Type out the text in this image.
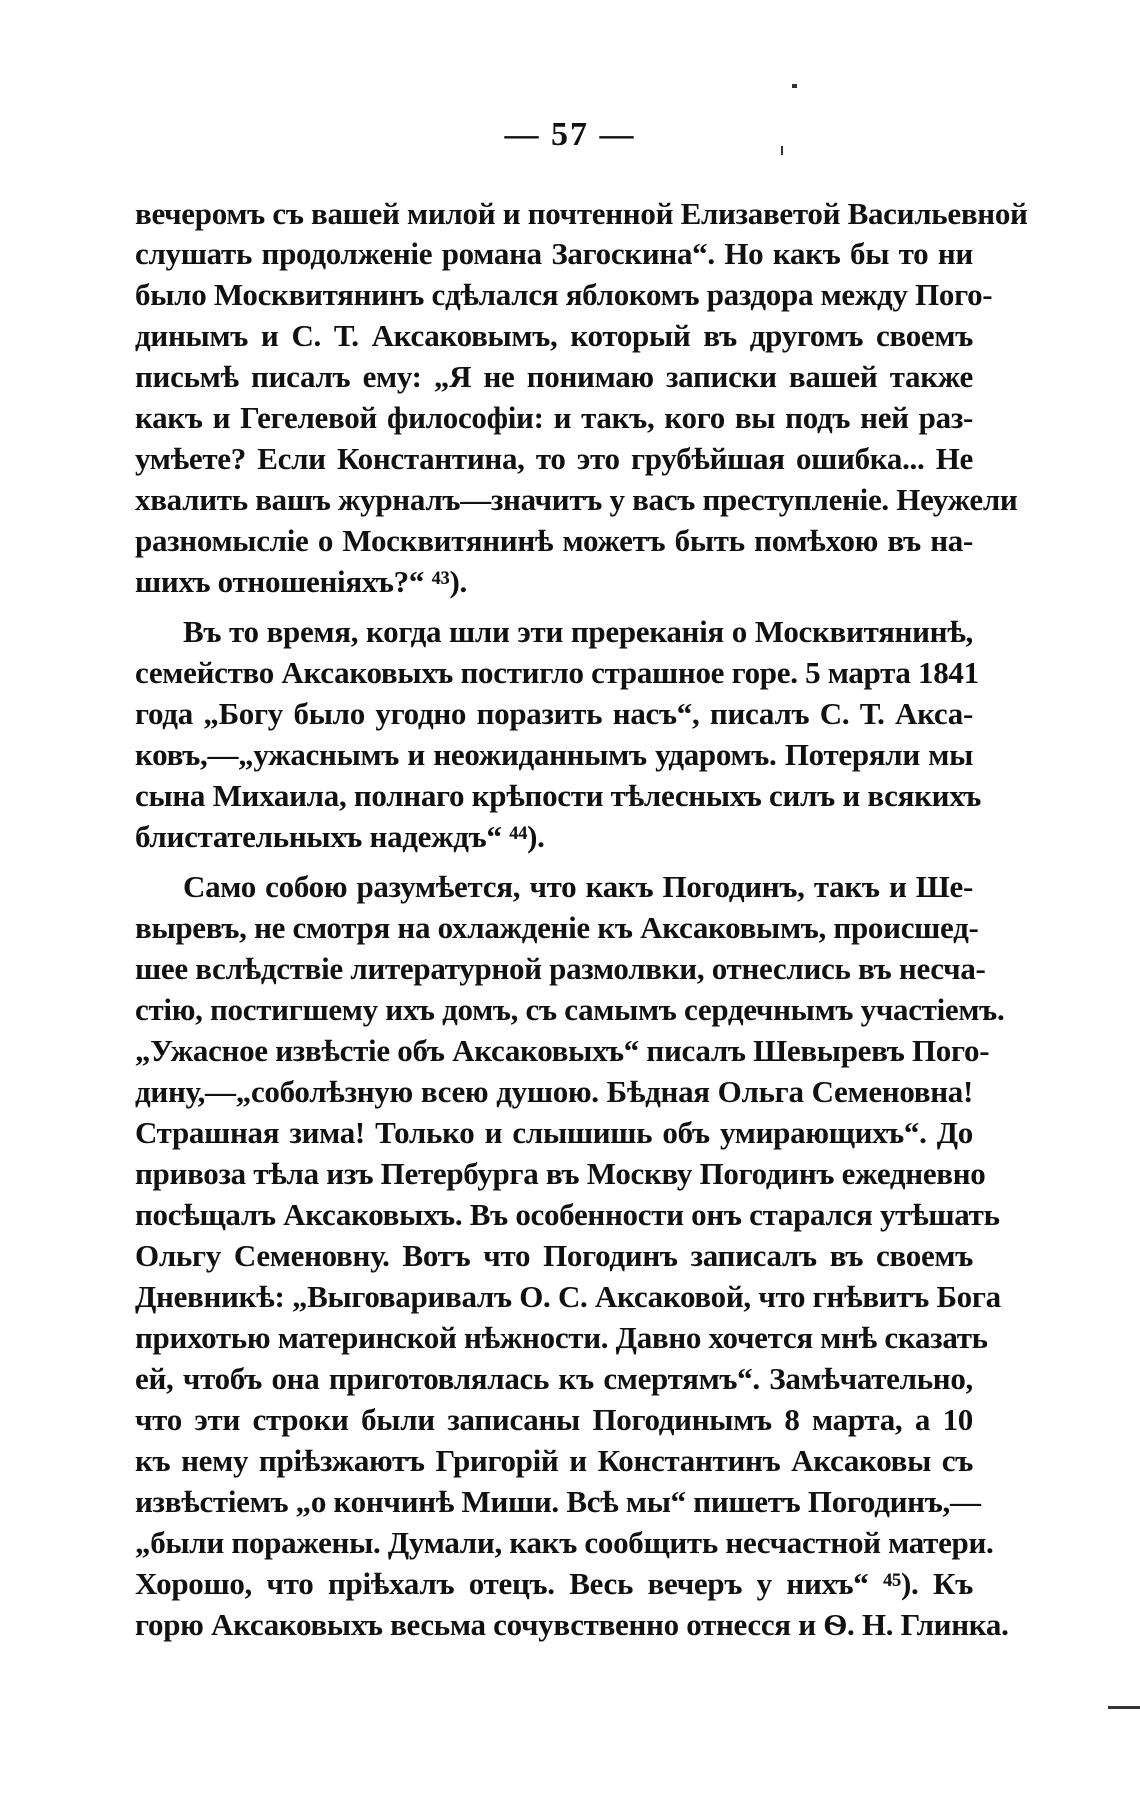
— 57 —
вечеромъ съ вашей милой и почтенной Елизаветой Васильевной
слушать продолженіе романа Загоскина“. Но какъ бы то ни
было Москвитянинъ сдѣлался яблокомъ раздора между Пого-
динымъ и С. Т. Аксаковымъ, который въ другомъ своемъ
письмѣ писалъ ему: „Я не понимаю записки вашей также
какъ и Гегелевой философіи: и такъ, кого вы подъ ней раз-
умѣете? Если Константина, то это грубѣйшая ошибка... Не
хвалить вашъ журналъ—значитъ у васъ преступленіе. Неужели
разномысліе о Москвитянинѣ можетъ быть помѣхою въ на-
шихъ отношеніяхъ?“ ⁴³).
Въ то время, когда шли эти пререканія о Москвитянинѣ,
семейство Аксаковыхъ постигло страшное горе. 5 марта 1841
года „Богу было угодно поразить насъ“, писалъ С. Т. Акса-
ковъ,—„ужаснымъ и неожиданнымъ ударомъ. Потеряли мы
сына Михаила, полнаго крѣпости тѣлесныхъ силъ и всякихъ
блистательныхъ надеждъ“ ⁴⁴).
Само собою разумѣется, что какъ Погодинъ, такъ и Ше-
выревъ, не смотря на охлажденіе къ Аксаковымъ, происшед-
шее вслѣдствіе литературной размолвки, отнеслись въ несча-
стію, постигшему ихъ домъ, съ самымъ сердечнымъ участіемъ.
„Ужасное извѣстіе объ Аксаковыхъ“ писалъ Шевыревъ Пого-
дину,—„соболѣзную всею душою. Бѣдная Ольга Семеновна!
Страшная зима! Только и слышишь объ умирающихъ“. До
привоза тѣла изъ Петербурга въ Москву Погодинъ ежедневно
посѣщалъ Аксаковыхъ. Въ особенности онъ старался утѣшать
Ольгу Семеновну. Вотъ что Погодинъ записалъ въ своемъ
Дневникѣ: „Выговаривалъ О. С. Аксаковой, что гнѣвитъ Бога
прихотью материнской нѣжности. Давно хочется мнѣ сказать
ей, чтобъ она приготовлялась къ смертямъ“. Замѣчательно,
что эти строки были записаны Погодинымъ 8 марта, а 10
къ нему пріѣзжаютъ Григорій и Константинъ Аксаковы съ
извѣстіемъ „о кончинѣ Миши. Всѣ мы“ пишетъ Погодинъ,—
„были поражены. Думали, какъ сообщить несчастной матери.
Хорошо, что пріѣхалъ отецъ. Весь вечеръ у нихъ“ ⁴⁵). Къ
горю Аксаковыхъ весьма сочувственно отнесся и Ѳ. Н. Глинка.
